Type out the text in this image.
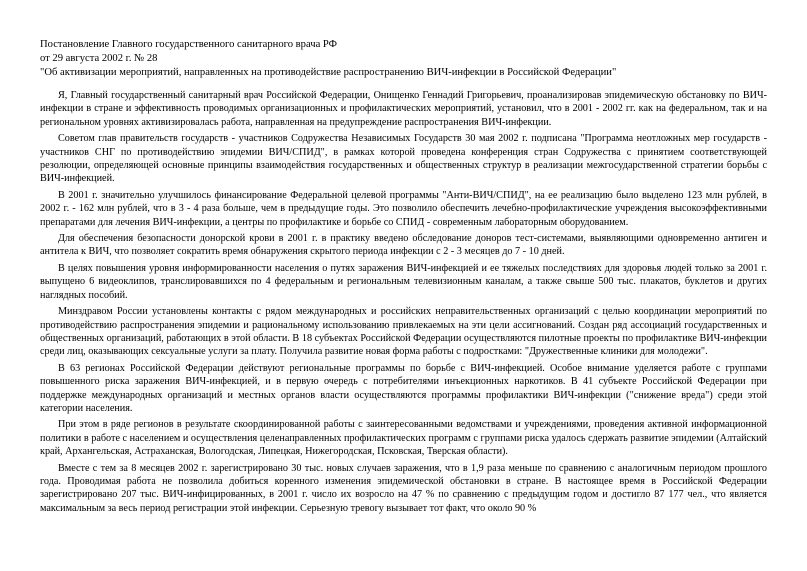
Постановление Главного государственного санитарного врача РФ
от 29 августа 2002 г. № 28
"Об активизации мероприятий, направленных на противодействие распространению ВИЧ-инфекции в Российской Федерации"

Я, Главный государственный санитарный врач Российской Федерации, Онищенко Геннадий Григорьевич, проанализировав эпидемическую обстановку по ВИЧ-инфекции в стране и эффективность проводимых организационных и профилактических мероприятий, установил, что в 2001 - 2002 гг. как на федеральном, так и на региональном уровнях активизировалась работа, направленная на предупреждение распространения ВИЧ-инфекции.

Советом глав правительств государств - участников Содружества Независимых Государств 30 мая 2002 г. подписана "Программа неотложных мер государств - участников СНГ по противодействию эпидемии ВИЧ/СПИД", в рамках которой проведена конференция стран Содружества с принятием соответствующей резолюции, определяющей основные принципы взаимодействия государственных и общественных структур в реализации межгосударственной стратегии борьбы с ВИЧ-инфекцией.

В 2001 г. значительно улучшилось финансирование Федеральной целевой программы "Анти-ВИЧ/СПИД", на ее реализацию было выделено 123 млн рублей, в 2002 г. - 162 млн рублей, что в 3 - 4 раза больше, чем в предыдущие годы. Это позволило обеспечить лечебно-профилактические учреждения высокоэффективными препаратами для лечения ВИЧ-инфекции, а центры по профилактике и борьбе со СПИД - современным лабораторным оборудованием.

Для обеспечения безопасности донорской крови в 2001 г. в практику введено обследование доноров тест-системами, выявляющими одновременно антиген и антитела к ВИЧ, что позволяет сократить время обнаружения скрытого периода инфекции с 2 - 3 месяцев до 7 - 10 дней.

В целях повышения уровня информированности населения о путях заражения ВИЧ-инфекцией и ее тяжелых последствиях для здоровья людей только за 2001 г. выпущено 6 видеоклипов, транслировавшихся по 4 федеральным и региональным телевизионным каналам, а также свыше 500 тыс. плакатов, буклетов и других наглядных пособий.

Минздравом России установлены контакты с рядом международных и российских неправительственных организаций с целью координации мероприятий по противодействию распространения эпидемии и рациональному использованию привлекаемых на эти цели ассигнований. Создан ряд ассоциаций государственных и общественных организаций, работающих в этой области. В 18 субъектах Российской Федерации осуществляются пилотные проекты по профилактике ВИЧ-инфекции среди лиц, оказывающих сексуальные услуги за плату. Получила развитие новая форма работы с подростками: "Дружественные клиники для молодежи".

В 63 регионах Российской Федерации действуют региональные программы по борьбе с ВИЧ-инфекцией. Особое внимание уделяется работе с группами повышенного риска заражения ВИЧ-инфекцией, и в первую очередь с потребителями инъекционных наркотиков. В 41 субъекте Российской Федерации при поддержке международных организаций и местных органов власти осуществляются программы профилактики ВИЧ-инфекции ("снижение вреда") среди этой категории населения.

При этом в ряде регионов в результате скоординированной работы с заинтересованными ведомствами и учреждениями, проведения активной информационной политики в работе с населением и осуществления целенаправленных профилактических программ с группами риска удалось сдержать развитие эпидемии (Алтайский край, Архангельская, Астраханская, Вологодская, Липецкая, Нижегородская, Псковская, Тверская области).

Вместе с тем за 8 месяцев 2002 г. зарегистрировано 30 тыс. новых случаев заражения, что в 1,9 раза меньше по сравнению с аналогичным периодом прошлого года. Проводимая работа не позволила добиться коренного изменения эпидемической обстановки в стране. В настоящее время в Российской Федерации зарегистрировано 207 тыс. ВИЧ-инфицированных, в 2001 г. число их возросло на 47 % по сравнению с предыдущим годом и достигло 87 177 чел., что является максимальным за весь период регистрации этой инфекции. Серьезную тревогу вызывает тот факт, что около 90 %
